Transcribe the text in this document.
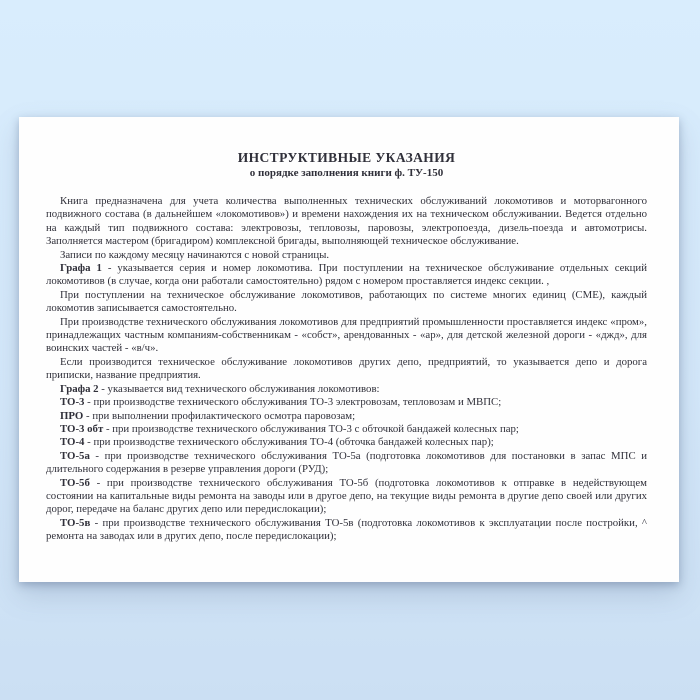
ИНСТРУКТИВНЫЕ УКАЗАНИЯ
о порядке заполнения книги ф. ТУ-150

Книга предназначена для учета количества выполненных технических обслуживаний локомотивов и моторвагонного подвижного состава (в дальнейшем «локомотивов») и времени нахождения их на техническом обслуживании. Ведется отдельно на каждый тип подвижного состава: электровозы, тепловозы, паровозы, электропоезда, дизель-поезда и автомотрисы. Заполняется мастером (бригадиром) комплексной бригады, выполняющей техническое обслуживание.

Записи по каждому месяцу начинаются с новой страницы.

Графа 1 - указывается серия и номер локомотива. При поступлении на техническое обслуживание отдельных секций локомотивов (в случае, когда они работали самостоятельно) рядом с номером проставляется индекс секции. ,

При поступлении на техническое обслуживание локомотивов, работающих по системе многих единиц (СМЕ), каждый локомотив записывается самостоятельно.

При производстве технического обслуживания локомотивов для предприятий промышленности проставляется индекс «пром», принадлежащих частным компаниям-собственникам - «собст», арендованных - «ар», для детской железной дороги - «джд», для воинских частей - «в/ч».

Если производится техническое обслуживание локомотивов других депо, предприятий, то указывается депо и дорога приписки, название предприятия.

Графа 2 - указывается вид технического обслуживания локомотивов:

ТО-3 - при производстве технического обслуживания ТО-3 электровозам, тепловозам и МВПС;

ПРО - при выполнении профилактического осмотра паровозам;

ТО-3 обт - при производстве технического обслуживания ТО-3 с обточкой бандажей колесных пар;

ТО-4 - при производстве технического обслуживания ТО-4 (обточка бандажей колесных пар);

ТО-5а - при производстве технического обслуживания ТО-5а (подготовка локомотивов для постановки в запас МПС и длительного содержания в резерве управления дороги (РУД);

ТО-5б - при производстве технического обслуживания ТО-5б (подготовка локомотивов к отправке в недействующем состоянии на капитальные виды ремонта на заводы или в другое депо, на текущие виды ремонта в другие депо своей или других дорог, передаче на баланс других депо или передислокации);

ТО-5в - при производстве технического обслуживания ТО-5в (подготовка локомотивов к эксплуатации после постройки, ^ ремонта на заводах или в других депо, после передислокации);
